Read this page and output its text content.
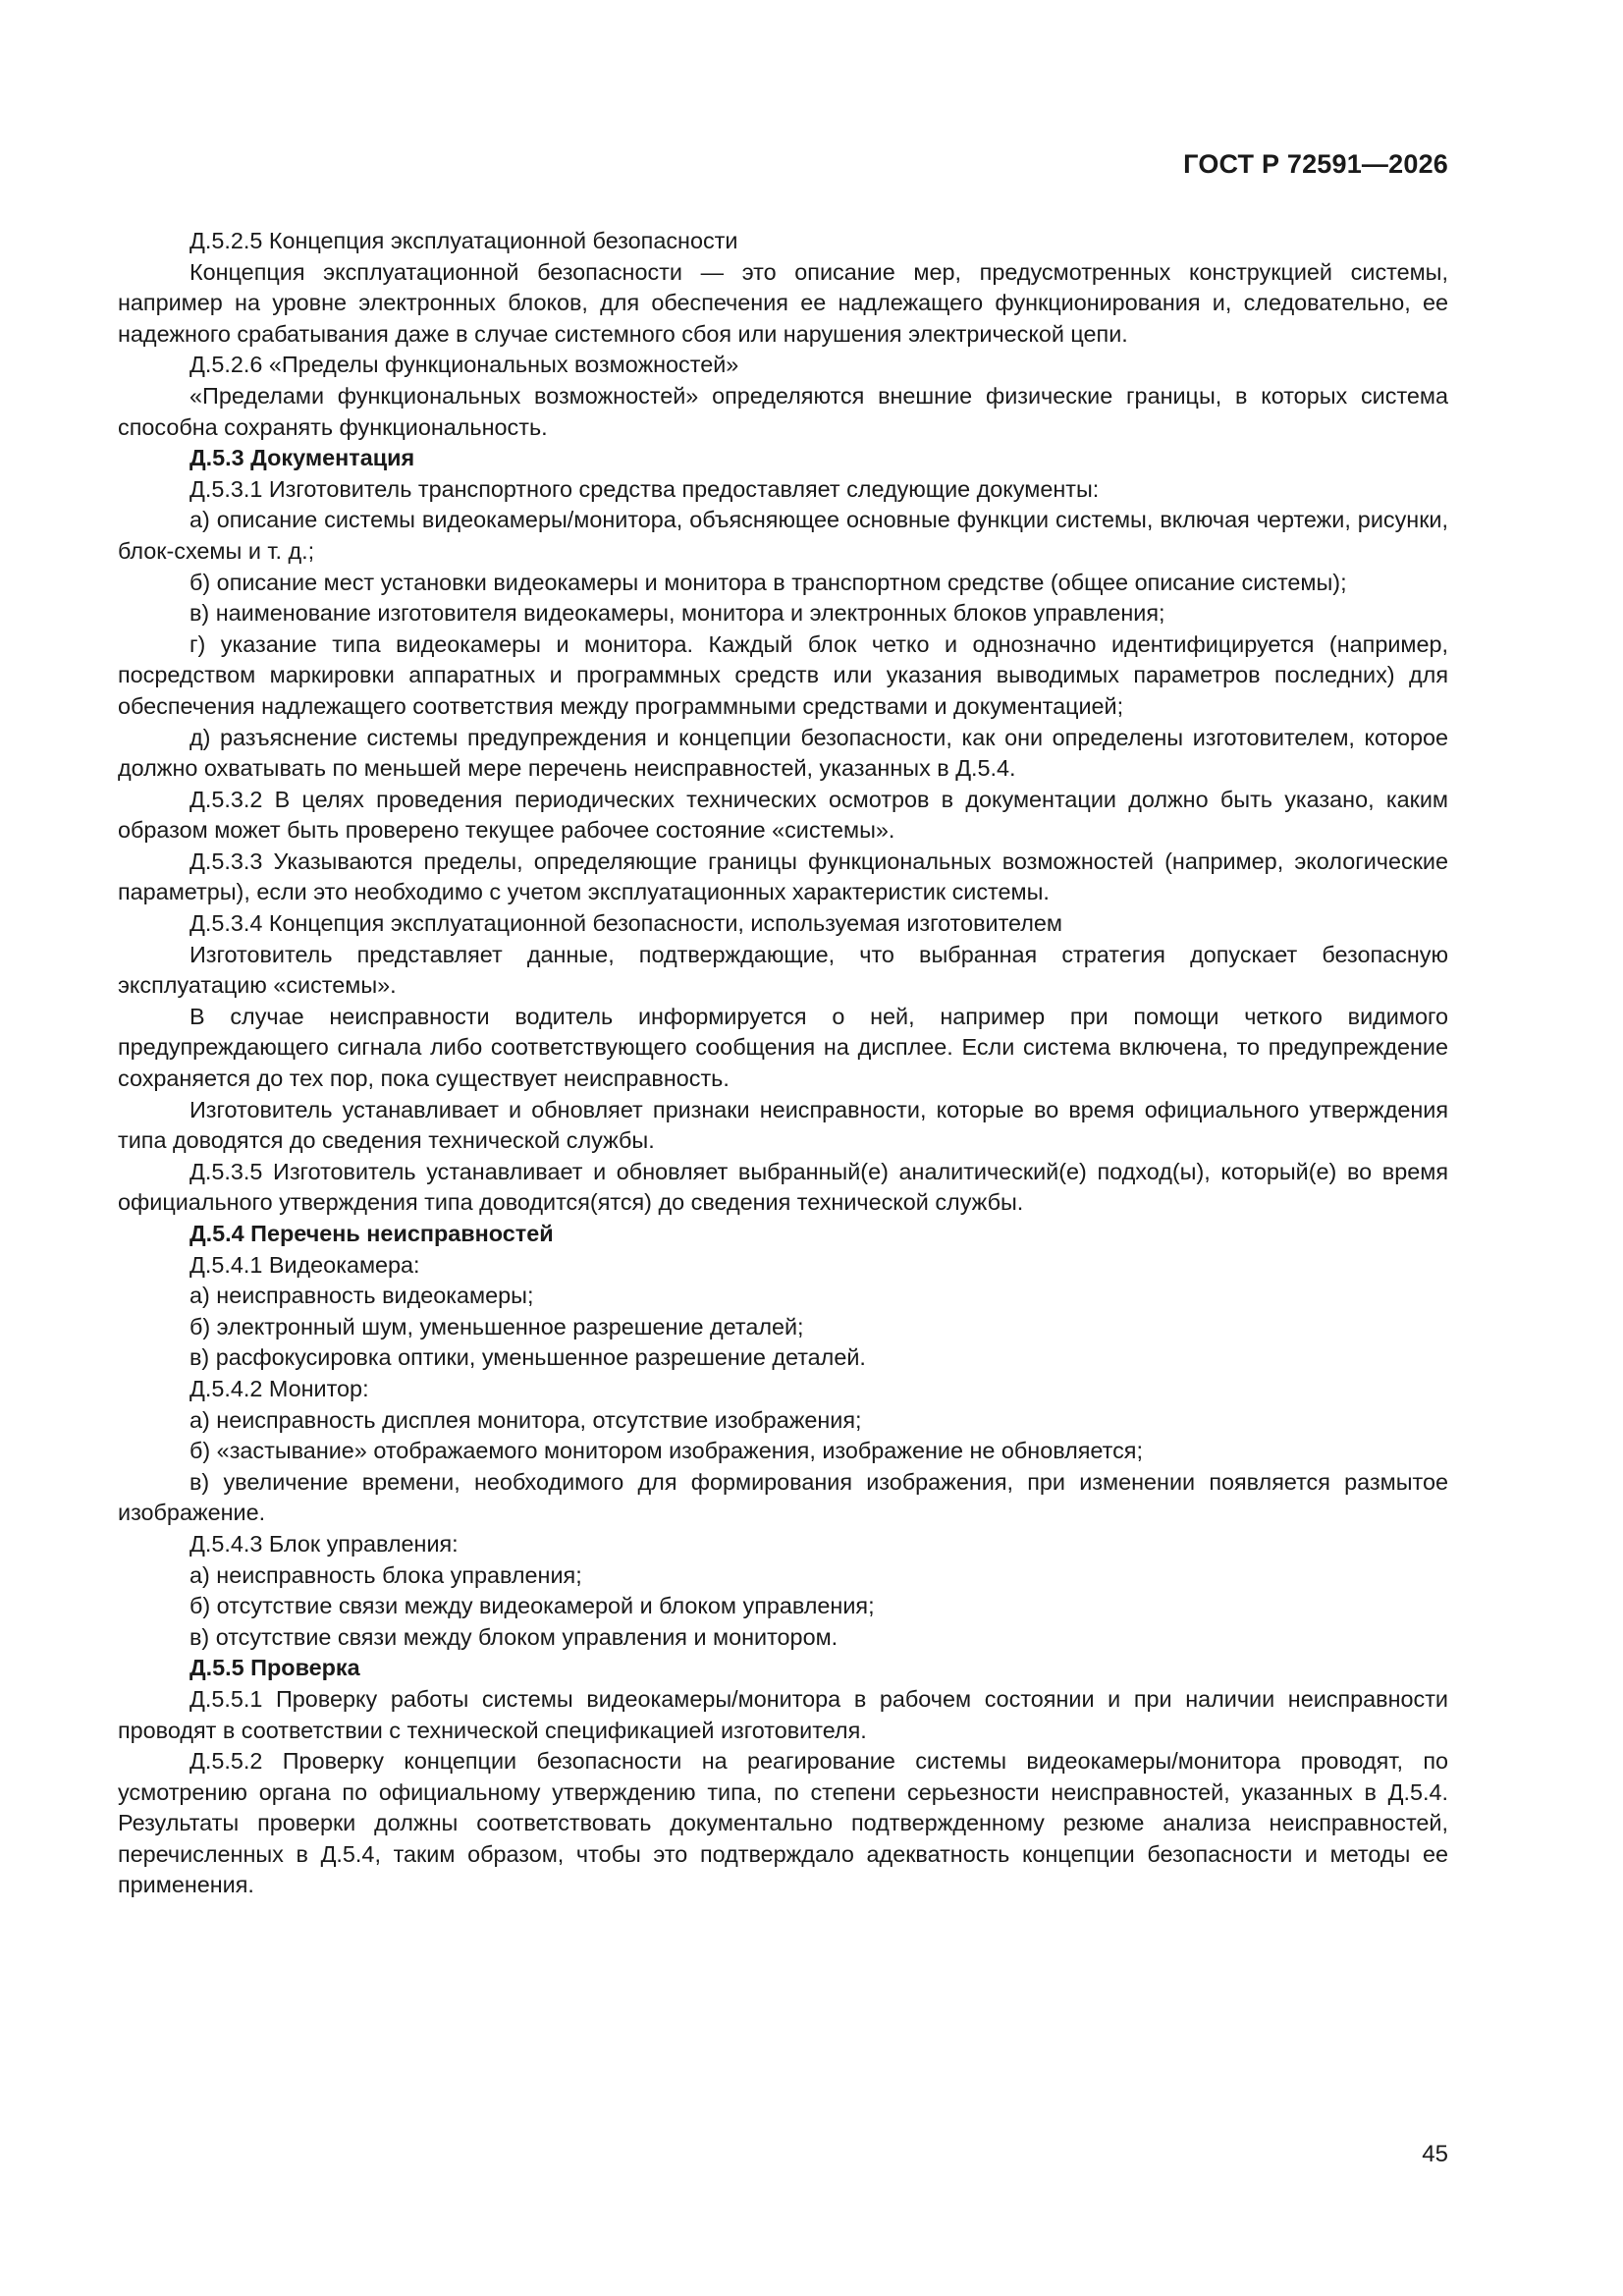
ГОСТ Р 72591—2026

Д.5.2.5 Концепция эксплуатационной безопасности

Концепция эксплуатационной безопасности — это описание мер, предусмотренных конструкцией системы, например на уровне электронных блоков, для обеспечения ее надлежащего функционирования и, следовательно, ее надежного срабатывания даже в случае системного сбоя или нарушения электрической цепи.

Д.5.2.6 «Пределы функциональных возможностей»

«Пределами функциональных возможностей» определяются внешние физические границы, в которых система способна сохранять функциональность.

Д.5.3 Документация

Д.5.3.1 Изготовитель транспортного средства предоставляет следующие документы:

а) описание системы видеокамеры/монитора, объясняющее основные функции системы, включая чертежи, рисунки, блок-схемы и т. д.;

б) описание мест установки видеокамеры и монитора в транспортном средстве (общее описание системы);

в) наименование изготовителя видеокамеры, монитора и электронных блоков управления;

г) указание типа видеокамеры и монитора. Каждый блок четко и однозначно идентифицируется (например, посредством маркировки аппаратных и программных средств или указания выводимых параметров последних) для обеспечения надлежащего соответствия между программными средствами и документацией;

д) разъяснение системы предупреждения и концепции безопасности, как они определены изготовителем, которое должно охватывать по меньшей мере перечень неисправностей, указанных в Д.5.4.

Д.5.3.2 В целях проведения периодических технических осмотров в документации должно быть указано, каким образом может быть проверено текущее рабочее состояние «системы».

Д.5.3.3 Указываются пределы, определяющие границы функциональных возможностей (например, экологические параметры), если это необходимо с учетом эксплуатационных характеристик системы.

Д.5.3.4 Концепция эксплуатационной безопасности, используемая изготовителем

Изготовитель представляет данные, подтверждающие, что выбранная стратегия допускает безопасную эксплуатацию «системы».

В случае неисправности водитель информируется о ней, например при помощи четкого видимого предупреждающего сигнала либо соответствующего сообщения на дисплее. Если система включена, то предупреждение сохраняется до тех пор, пока существует неисправность.

Изготовитель устанавливает и обновляет признаки неисправности, которые во время официального утверждения типа доводятся до сведения технической службы.

Д.5.3.5 Изготовитель устанавливает и обновляет выбранный(е) аналитический(е) подход(ы), который(е) во время официального утверждения типа доводится(ятся) до сведения технической службы.

Д.5.4 Перечень неисправностей

Д.5.4.1 Видеокамера:

а) неисправность видеокамеры;

б) электронный шум, уменьшенное разрешение деталей;

в) расфокусировка оптики, уменьшенное разрешение деталей.

Д.5.4.2 Монитор:

а) неисправность дисплея монитора, отсутствие изображения;

б) «застывание» отображаемого монитором изображения, изображение не обновляется;

в) увеличение времени, необходимого для формирования изображения, при изменении появляется размытое изображение.

Д.5.4.3 Блок управления:

а) неисправность блока управления;

б) отсутствие связи между видеокамерой и блоком управления;

в) отсутствие связи между блоком управления и монитором.

Д.5.5 Проверка

Д.5.5.1 Проверку работы системы видеокамеры/монитора в рабочем состоянии и при наличии неисправности проводят в соответствии с технической спецификацией изготовителя.

Д.5.5.2 Проверку концепции безопасности на реагирование системы видеокамеры/монитора проводят, по усмотрению органа по официальному утверждению типа, по степени серьезности неисправностей, указанных в Д.5.4. Результаты проверки должны соответствовать документально подтвержденному резюме анализа неисправностей, перечисленных в Д.5.4, таким образом, чтобы это подтверждало адекватность концепции безопасности и методы ее применения.

45
